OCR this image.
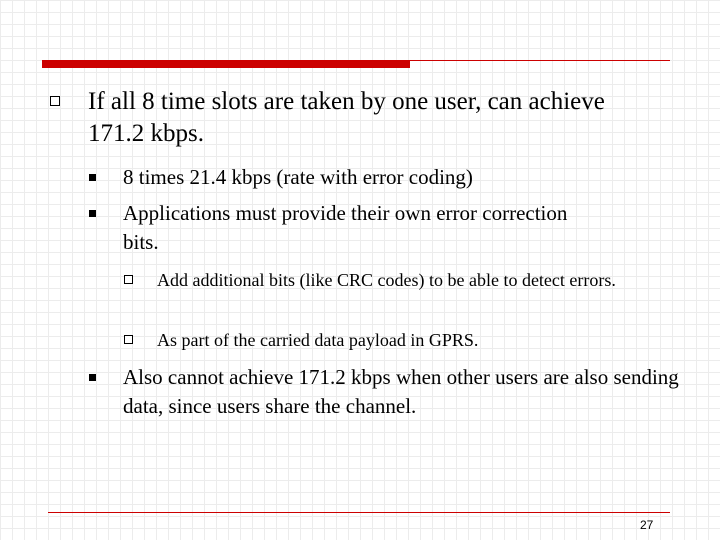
If all 8 time slots are taken by one user, can achieve 171.2 kbps.
8 times 21.4 kbps (rate with error coding)
Applications must provide their own error correction bits.
Add additional bits (like CRC codes) to be able to detect errors.
As part of the carried data payload in GPRS.
Also cannot achieve 171.2 kbps when other users are also sending data, since users share the channel.
27
